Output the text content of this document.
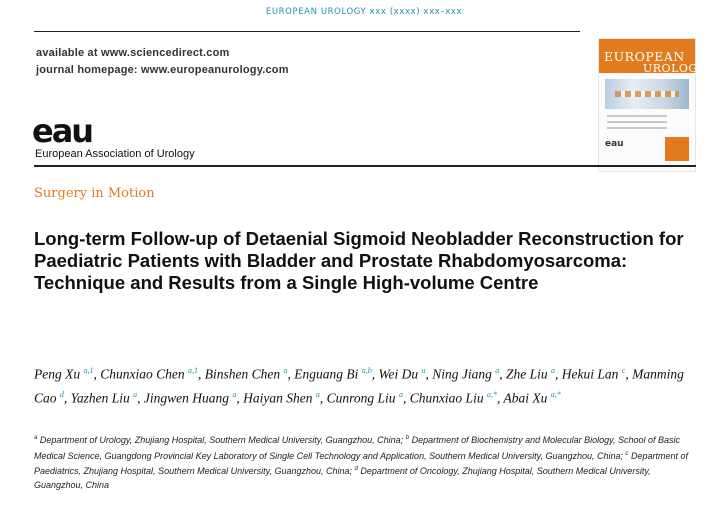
EUROPEAN UROLOGY xxx (xxxx) xxx–xxx
available at www.sciencedirect.com
journal homepage: www.europeanurology.com
eau
European Association of Urology
EUROPEAN
UROLOGY
eau
Surgery in Motion
Long-term Follow-up of Detaenial Sigmoid Neobladder Reconstruction for Paediatric Patients with Bladder and Prostate Rhabdomyosarcoma: Technique and Results from a Single High-volume Centre

Peng Xu $^{a,1}$, Chunxiao Chen $^{a,1}$, Binshen Chen $^a$, Enguang Bi $^{a,b}$, Wei Du $^a$, Ning Jiang $^a$, Zhe Liu $^a$, Hekui Lan $^c$, Manming Cao $^d$, Yazhen Liu $^a$, Jingwen Huang $^a$, Haiyan Shen $^a$, Cunrong Liu $^a$, Chunxiao Liu $^{a,*}$, Abai Xu $^{a,*}$

$^a$ Department of Urology, Zhujiang Hospital, Southern Medical University, Guangzhou, China; $^b$ Department of Biochemistry and Molecular Biology, School of Basic Medical Science, Guangdong Provincial Key Laboratory of Single Cell Technology and Application, Southern Medical University, Guangzhou, China; $^c$ Department of Paediatrics, Zhujiang Hospital, Southern Medical University, Guangzhou, China; $^d$ Department of Oncology, Zhujiang Hospital, Southern Medical University, Guangzhou, China
